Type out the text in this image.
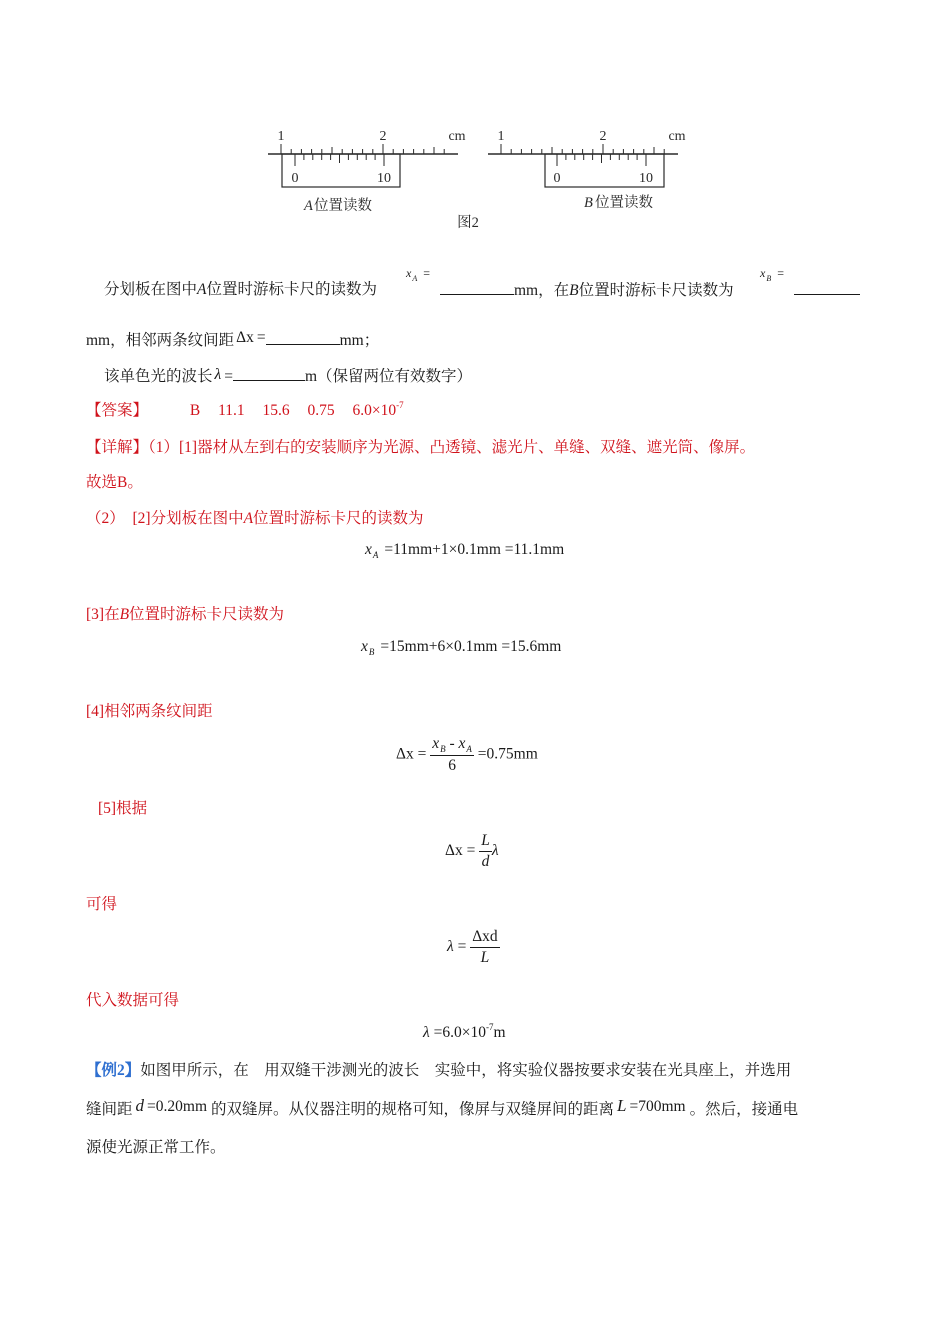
1	2	cm
0	10
A 位置读数
1	2	cm
0	10
B 位置读数
图2
分划板在图中A位置时游标卡尺的读数为
$x_A$ =
mm，在B位置时游标卡尺读数为
$x_B$ =
mm，相邻两条纹间距 Δx =	mm；
该单色光的波长 λ =	m（保留两位有效数字）
【答案】	B 11.1 15.6 0.75 $6.0\times 10^{-7}$
【详解】（1）[1]器材从左到右的安装顺序为光源、凸透镜、滤光片、单缝、双缝、遮光筒、像屏。
故选B。
（2）　[2]分划板在图中A位置时游标卡尺的读数为
$x_A =11mm+1\times 0.1mm =11.1mm$
[3]在B位置时游标卡尺读数为
$x_B =15mm+6\times 0.1mm =15.6mm$
[4]相邻两条纹间距
$\Delta x = \frac{x_B - x_A}{6} =0.75mm$
[5]根据
$\Delta x = \frac{L}{d}$ λ
可得
$\lambda = \frac{\text{Δxd}}{L}$
代入数据可得
$\lambda =6.0\times 10^{-7}m$
【例2】如图甲所示，在　用双缝干涉测光的波长　实验中，将实验仪器按要求安装在光具座上，并选用
缝间距 d =0.20mm 的双缝屏。从仪器注明的规格可知，像屏与双缝屏间的距离 L =700mm 。然后，接通电
源使光源正常工作。
